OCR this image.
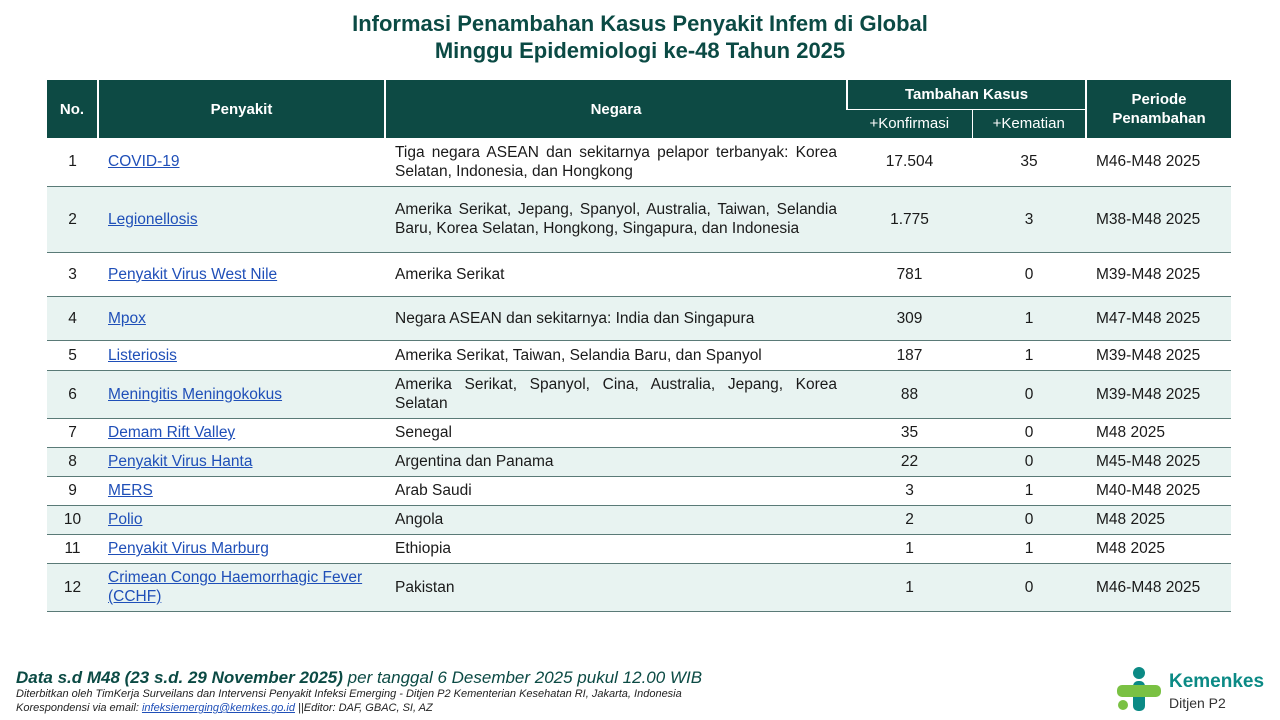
Informasi Penambahan Kasus Penyakit Infem di Global
Minggu Epidemiologi ke-48 Tahun 2025
No.	Penyakit	Negara	Tambahan Kasus		Periode Penambahan
			+Konfirmasi	+Kematian	
1	COVID-19	Tiga negara ASEAN dan sekitarnya pelapor terbanyak: Korea Selatan, Indonesia, dan Hongkong	17.504	35	M46-M48 2025
2	Legionellosis	Amerika Serikat, Jepang, Spanyol, Australia, Taiwan, Selandia Baru, Korea Selatan, Hongkong, Singapura, dan Indonesia	1.775	3	M38-M48 2025
3	Penyakit Virus West Nile	Amerika Serikat	781	0	M39-M48 2025
4	Mpox	Negara ASEAN dan sekitarnya: India dan Singapura	309	1	M47-M48 2025
5	Listeriosis	Amerika Serikat, Taiwan, Selandia Baru, dan Spanyol	187	1	M39-M48 2025
6	Meningitis Meningokokus	Amerika Serikat, Spanyol, Cina, Australia, Jepang, Korea Selatan	88	0	M39-M48 2025
7	Demam Rift Valley	Senegal	35	0	M48 2025
8	Penyakit Virus Hanta	Argentina dan Panama	22	0	M45-M48 2025
9	MERS	Arab Saudi	3	1	M40-M48 2025
10	Polio	Angola	2	0	M48 2025
11	Penyakit Virus Marburg	Ethiopia	1	1	M48 2025
12	Crimean Congo Haemorrhagic Fever (CCHF)	Pakistan	1	0	M46-M48 2025
Data s.d M48 (23 s.d. 29 November 2025) per tanggal 6 Desember 2025 pukul 12.00 WIB
Diterbitkan oleh TimKerja Surveilans dan Intervensi Penyakit Infeksi Emerging - Ditjen P2 Kementerian Kesehatan RI, Jakarta, Indonesia
Korespondensi via email: infeksiemerging@kemkes.go.id ||Editor: DAF, GBAC, SI, AZ
Kemenkes
Ditjen P2
